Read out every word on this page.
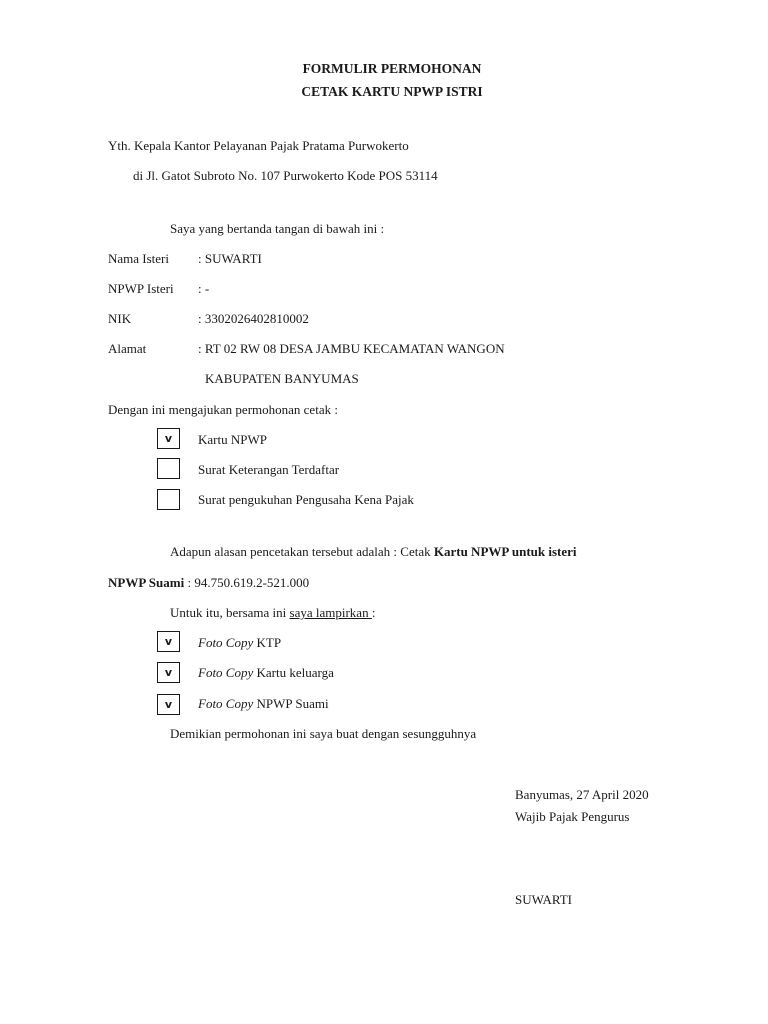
FORMULIR PERMOHONAN
CETAK KARTU NPWP ISTRI
Yth. Kepala Kantor Pelayanan Pajak Pratama Purwokerto
di Jl. Gatot Subroto No. 107 Purwokerto Kode POS 53114
Saya yang bertanda tangan di bawah ini :
Nama Isteri : SUWARTI
NPWP Isteri : -
NIK	: 3302026402810002
Alamat	: RT 02 RW 08 DESA JAMBU KECAMATAN WANGON
KABUPATEN BANYUMAS
Dengan ini mengajukan permohonan cetak :
v	Kartu NPWP
Surat Keterangan Terdaftar
Surat pengukuhan Pengusaha Kena Pajak
Adapun alasan pencetakan tersebut adalah : Cetak Kartu NPWP untuk isteri
NPWP Suami : 94.750.619.2-521.000
Untuk itu, bersama ini saya lampirkan :
v	Foto Copy KTP
v	Foto Copy Kartu keluarga
v	Foto Copy NPWP Suami
Demikian permohonan ini saya buat dengan sesungguhnya
Banyumas, 27 April 2020
Wajib Pajak Pengurus
SUWARTI
